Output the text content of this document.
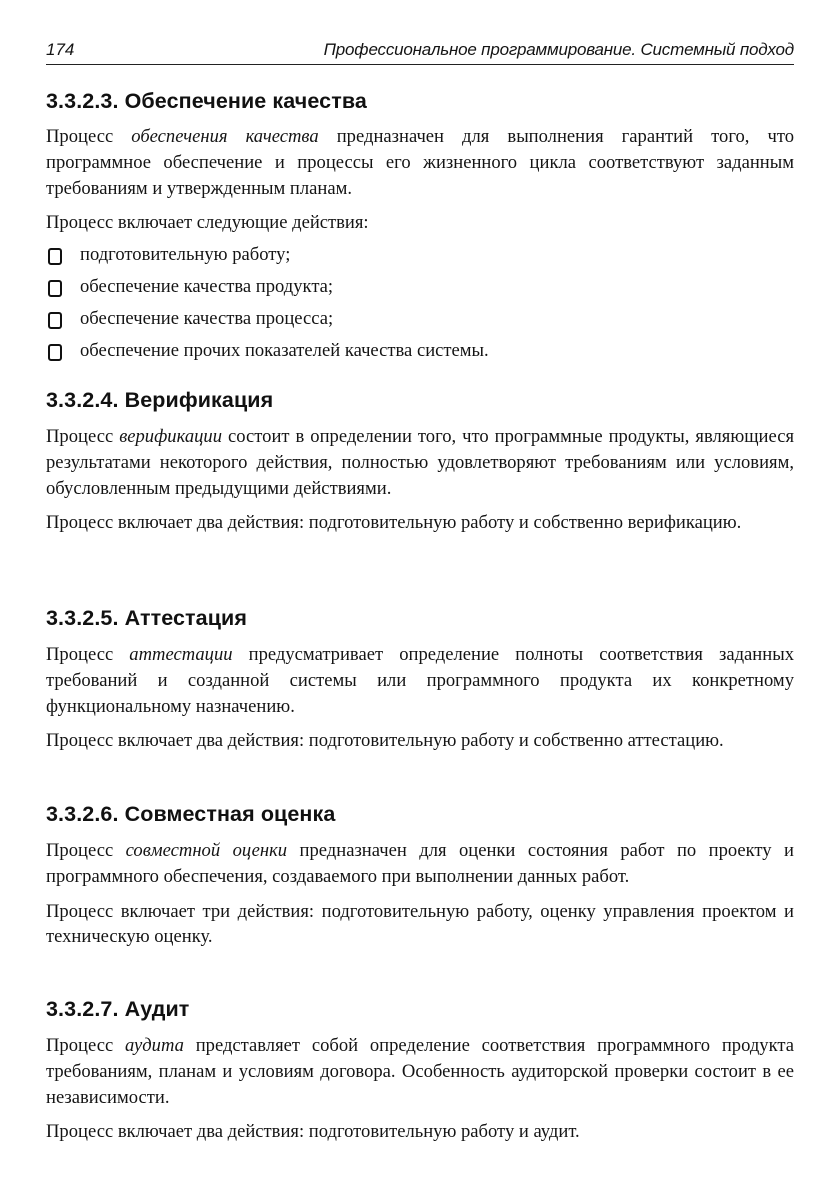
174	Профессиональное программирование. Системный подход
3.3.2.3. Обеспечение качества

Процесс обеспечения качества предназначен для выполнения гарантий того, что программное обеспечение и процессы его жизненного цикла соответствуют заданным требованиям и утвержденным планам.

Процесс включает следующие действия:

подготовительную работу;
обеспечение качества продукта;
обеспечение качества процесса;
обеспечение прочих показателей качества системы.
3.3.2.4. Верификация

Процесс верификации состоит в определении того, что программные продукты, являющиеся результатами некоторого действия, полностью удовлетворяют требованиям или условиям, обусловленным предыдущими действиями.

Процесс включает два действия: подготовительную работу и собственно верификацию.

3.3.2.5. Аттестация

Процесс аттестации предусматривает определение полноты соответствия заданных требований и созданной системы или программного продукта их конкретному функциональному назначению.

Процесс включает два действия: подготовительную работу и собственно аттестацию.

3.3.2.6. Совместная оценка

Процесс совместной оценки предназначен для оценки состояния работ по проекту и программного обеспечения, создаваемого при выполнении данных работ.

Процесс включает три действия: подготовительную работу, оценку управления проектом и техническую оценку.

3.3.2.7. Аудит

Процесс аудита представляет собой определение соответствия программного продукта требованиям, планам и условиям договора. Особенность аудиторской проверки состоит в ее независимости.

Процесс включает два действия: подготовительную работу и аудит.
